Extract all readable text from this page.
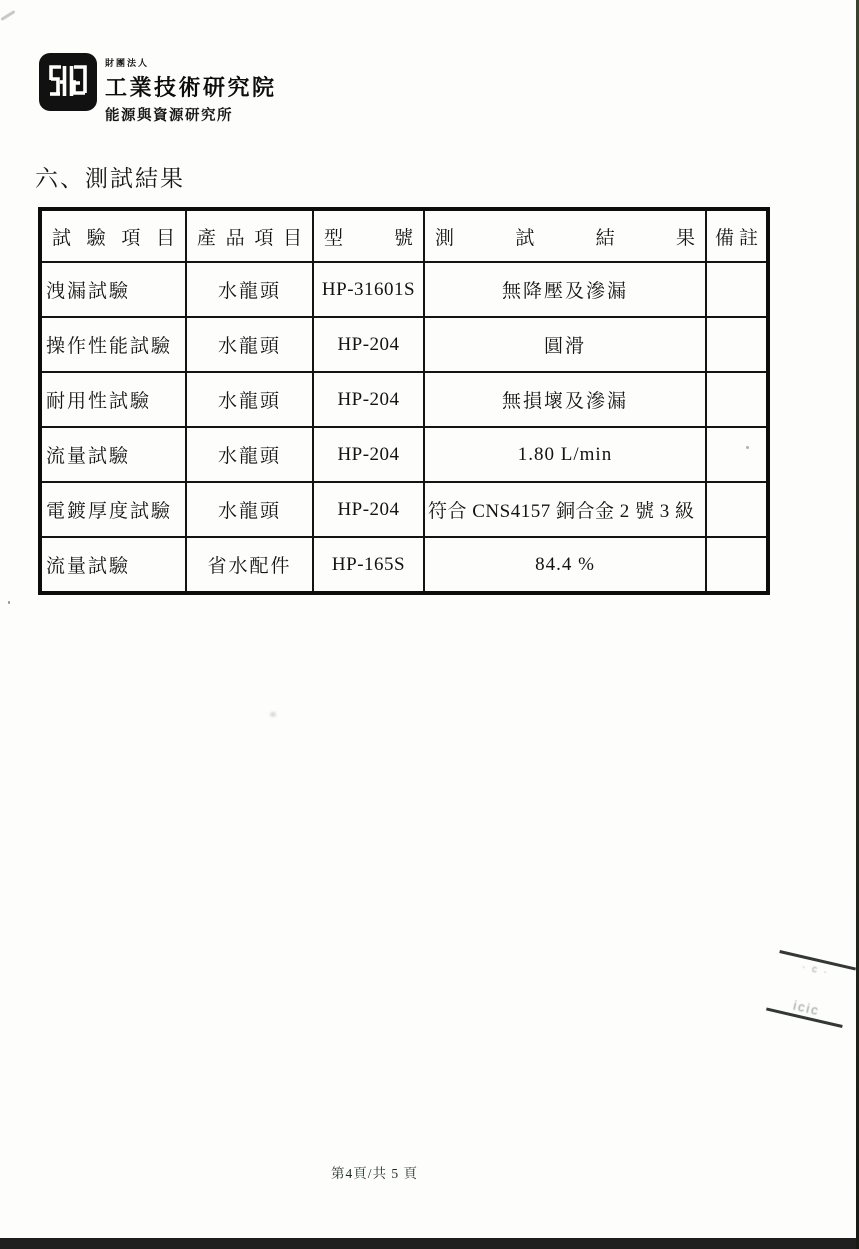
財團法人
工業技術研究院
能源與資源研究所
六、測試結果
試 驗 項 目	產 品 項 目	型 號	測 試 結 果	備 註

洩漏試驗	水龍頭	HP-31601S	無降壓及滲漏	
操作性能試驗	水龍頭	HP-204	圓滑	
耐用性試驗	水龍頭	HP-204	無損壞及滲漏	
流量試驗	水龍頭	HP-204	1.80 L/min	
電鍍厚度試驗	水龍頭	HP-204	符合 CNS4157 銅合金 2 號 3 級	
流量試驗	省水配件	HP-165S	84.4 %	
· c ·
icic
第4頁/共 5 頁
